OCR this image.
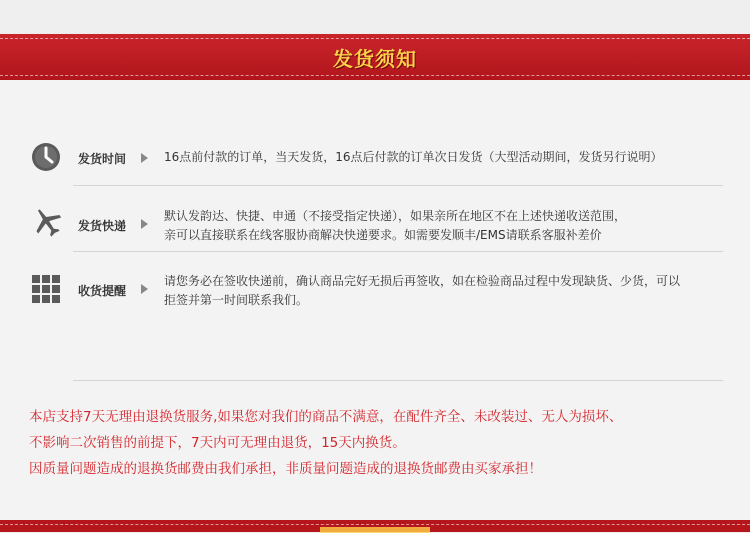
发货须知
发货时间	16点前付款的订单，当天发货，16点后付款的订单次日发货（大型活动期间，发货另行说明）
发货快递
默认发韵达、快捷、申通（不接受指定快递），如果亲所在地区不在上述快递收送范围，
亲可以直接联系在线客服协商解决快递要求。如需要发顺丰/EMS请联系客服补差价
收货提醒
请您务必在签收快递前，确认商品完好无损后再签收，如在检验商品过程中发现缺货、少货，可以
拒签并第一时间联系我们。
本店支持7天无理由退换货服务,如果您对我们的商品不满意，在配件齐全、未改装过、无人为损坏、
不影响二次销售的前提下，7天内可无理由退货，15天内换货。
因质量问题造成的退换货邮费由我们承担，非质量问题造成的退换货邮费由买家承担！
